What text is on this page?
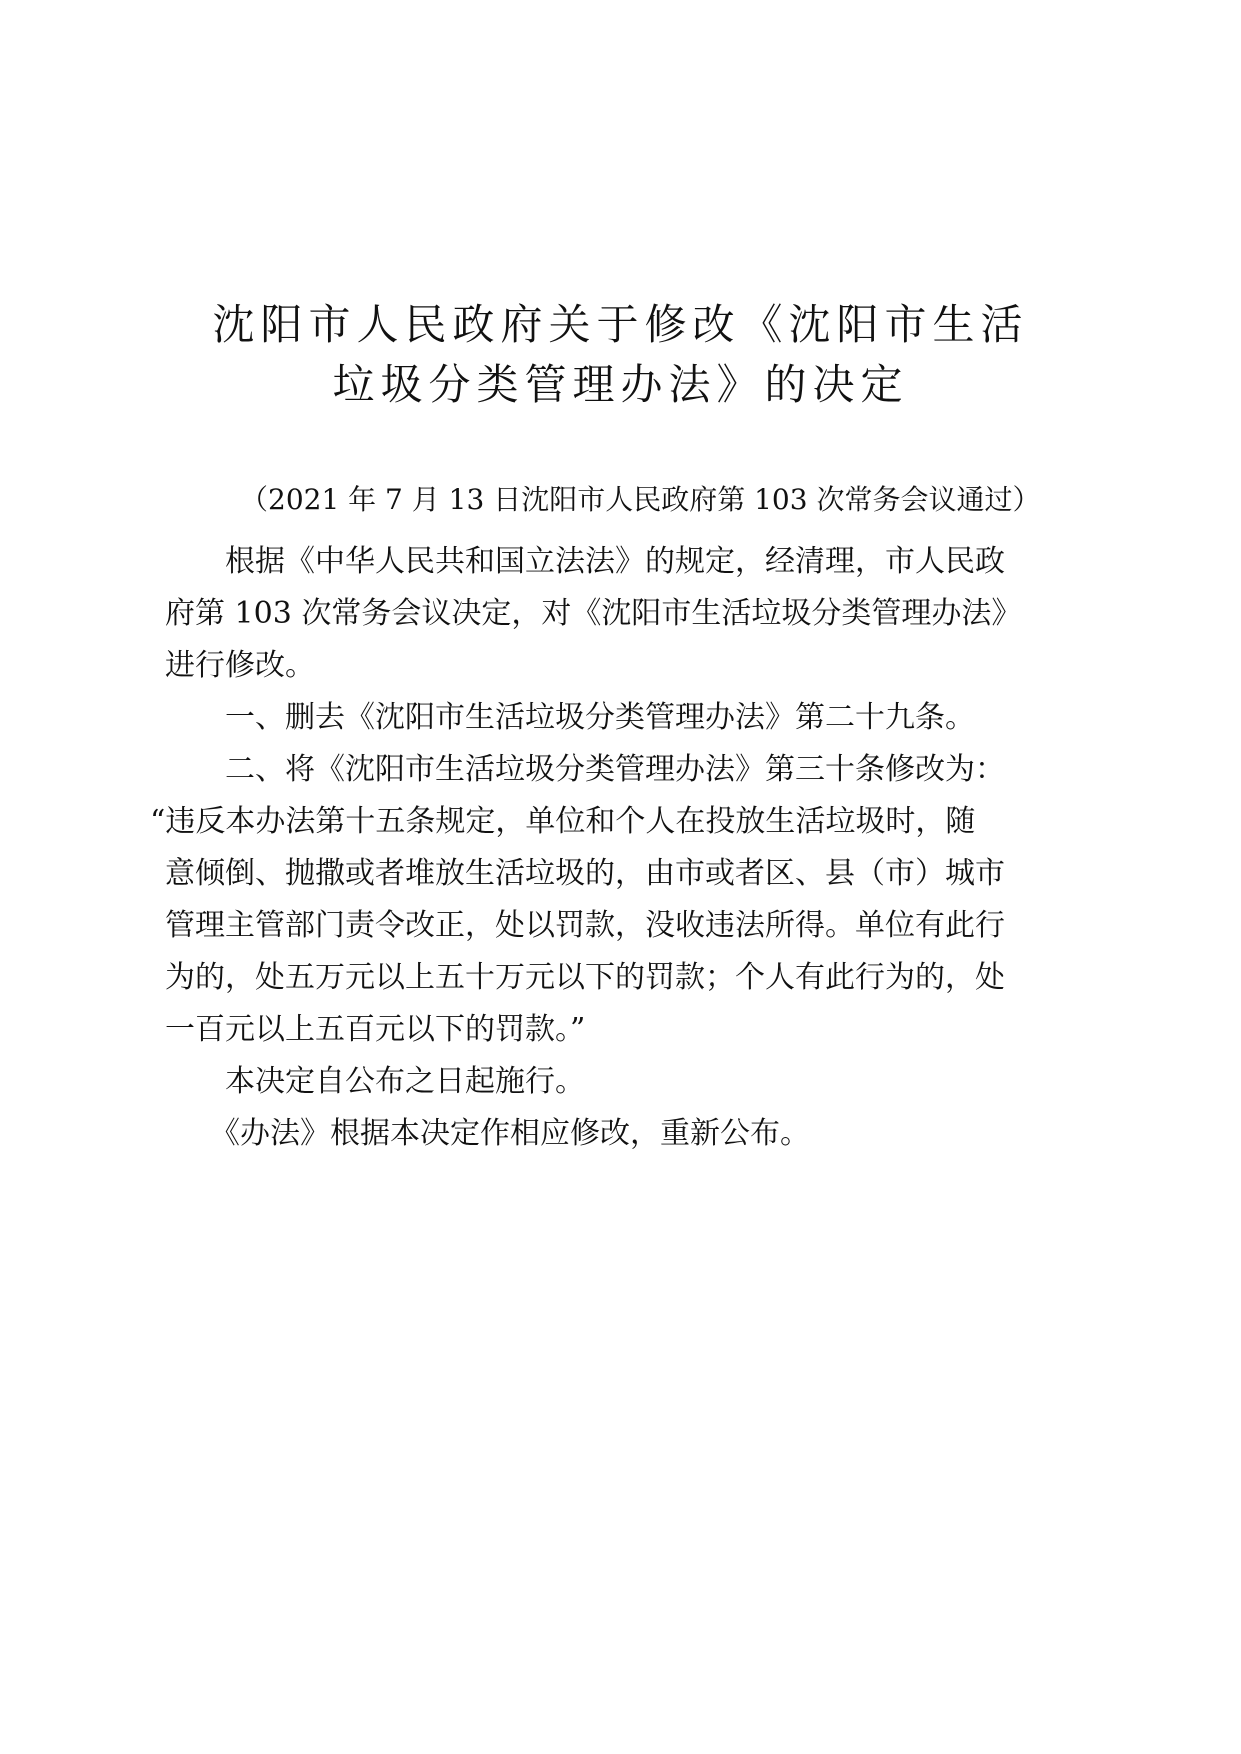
沈阳市人民政府关于修改《沈阳市生活
垃圾分类管理办法》的决定
（2021 年 7 月 13 日沈阳市人民政府第 103 次常务会议通过）
根据《中华人民共和国立法法》的规定，经清理，市人民政
府第 103 次常务会议决定，对《沈阳市生活垃圾分类管理办法》
进行修改。
一、删去《沈阳市生活垃圾分类管理办法》第二十九条。
二、将《沈阳市生活垃圾分类管理办法》第三十条修改为：
“违反本办法第十五条规定，单位和个人在投放生活垃圾时，随
意倾倒、抛撒或者堆放生活垃圾的，由市或者区、县（市）城市
管理主管部门责令改正，处以罚款，没收违法所得。单位有此行
为的，处五万元以上五十万元以下的罚款；个人有此行为的，处
一百元以上五百元以下的罚款。”
本决定自公布之日起施行。
《办法》根据本决定作相应修改，重新公布。
